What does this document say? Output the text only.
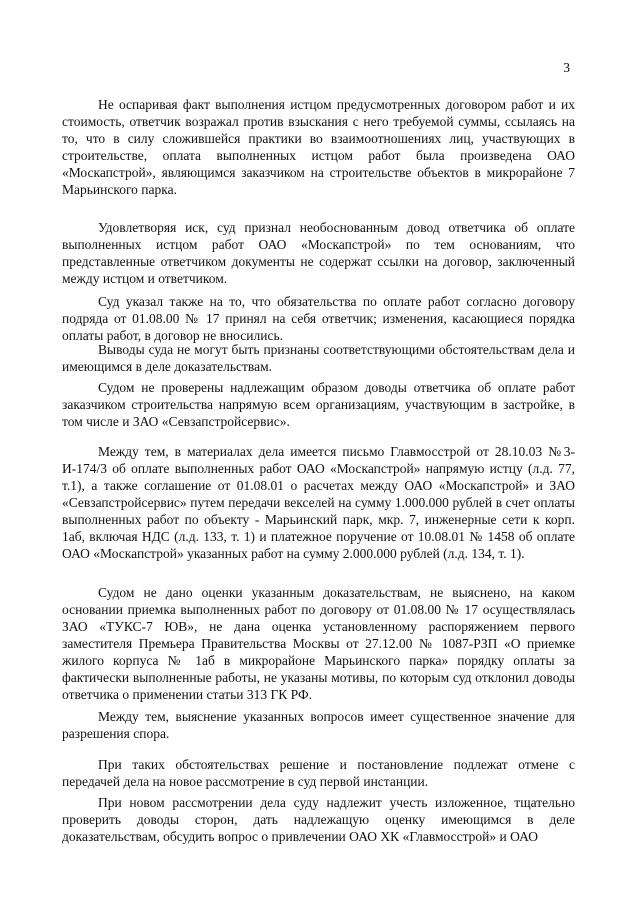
3

Не оспаривая факт выполнения истцом предусмотренных договором работ и их стоимость, ответчик возражал против взыскания с него требуемой суммы, ссылаясь на то, что в силу сложившейся практики во взаимоотношениях лиц, участвующих в строительстве, оплата выполненных истцом работ была произведена ОАО «Москапстрой», являющимся заказчиком на строительстве объектов в микрорайоне 7 Марьинского парка.

Удовлетворяя иск, суд признал необоснованным довод ответчика об оплате выполненных истцом работ ОАО «Москапстрой» по тем основаниям, что представленные ответчиком документы не содержат ссылки на договор, заключенный между истцом и ответчиком.

Суд указал также на то, что обязательства по оплате работ согласно договору подряда от 01.08.00 № 17 принял на себя ответчик; изменения, касающиеся порядка оплаты работ, в договор не вносились.

Выводы суда не могут быть признаны соответствующими обстоятельствам дела и имеющимся в деле доказательствам.

Судом не проверены надлежащим образом доводы ответчика об оплате работ заказчиком строительства напрямую всем организациям, участвующим в застройке, в том числе и ЗАО «Севзапстройсервис».

Между тем, в материалах дела имеется письмо Главмосстрой от 28.10.03 №3-И-174/3 об оплате выполненных работ ОАО «Москапстрой» напрямую истцу (л.д. 77, т.1), а также соглашение от 01.08.01 о расчетах между ОАО «Москапстрой» и ЗАО «Севзапстройсервис» путем передачи векселей на сумму 1.000.000 рублей в счет оплаты выполненных работ по объекту - Марьинский парк, мкр. 7, инженерные сети к корп. 1аб, включая НДС (л.д. 133, т. 1) и платежное поручение от 10.08.01 № 1458 об оплате ОАО «Москапстрой» указанных работ на сумму 2.000.000 рублей (л.д. 134, т. 1).

Судом не дано оценки указанным доказательствам, не выяснено, на каком основании приемка выполненных работ по договору от 01.08.00 № 17 осуществлялась ЗАО «ТУКС-7 ЮВ», не дана оценка установленному распоряжением первого заместителя Премьера Правительства Москвы от 27.12.00 № 1087-РЗП «О приемке жилого корпуса № 1аб в микрорайоне Марьинского парка» порядку оплаты за фактически выполненные работы, не указаны мотивы, по которым суд отклонил доводы ответчика о применении статьи 313 ГК РФ.

Между тем, выяснение указанных вопросов имеет существенное значение для разрешения спора.

При таких обстоятельствах решение и постановление подлежат отмене с передачей дела на новое рассмотрение в суд первой инстанции.

При новом рассмотрении дела суду надлежит учесть изложенное, тщательно проверить доводы сторон, дать надлежащую оценку имеющимся в деле доказательствам, обсудить вопрос о привлечении ОАО ХК «Главмосстрой» и ОАО
